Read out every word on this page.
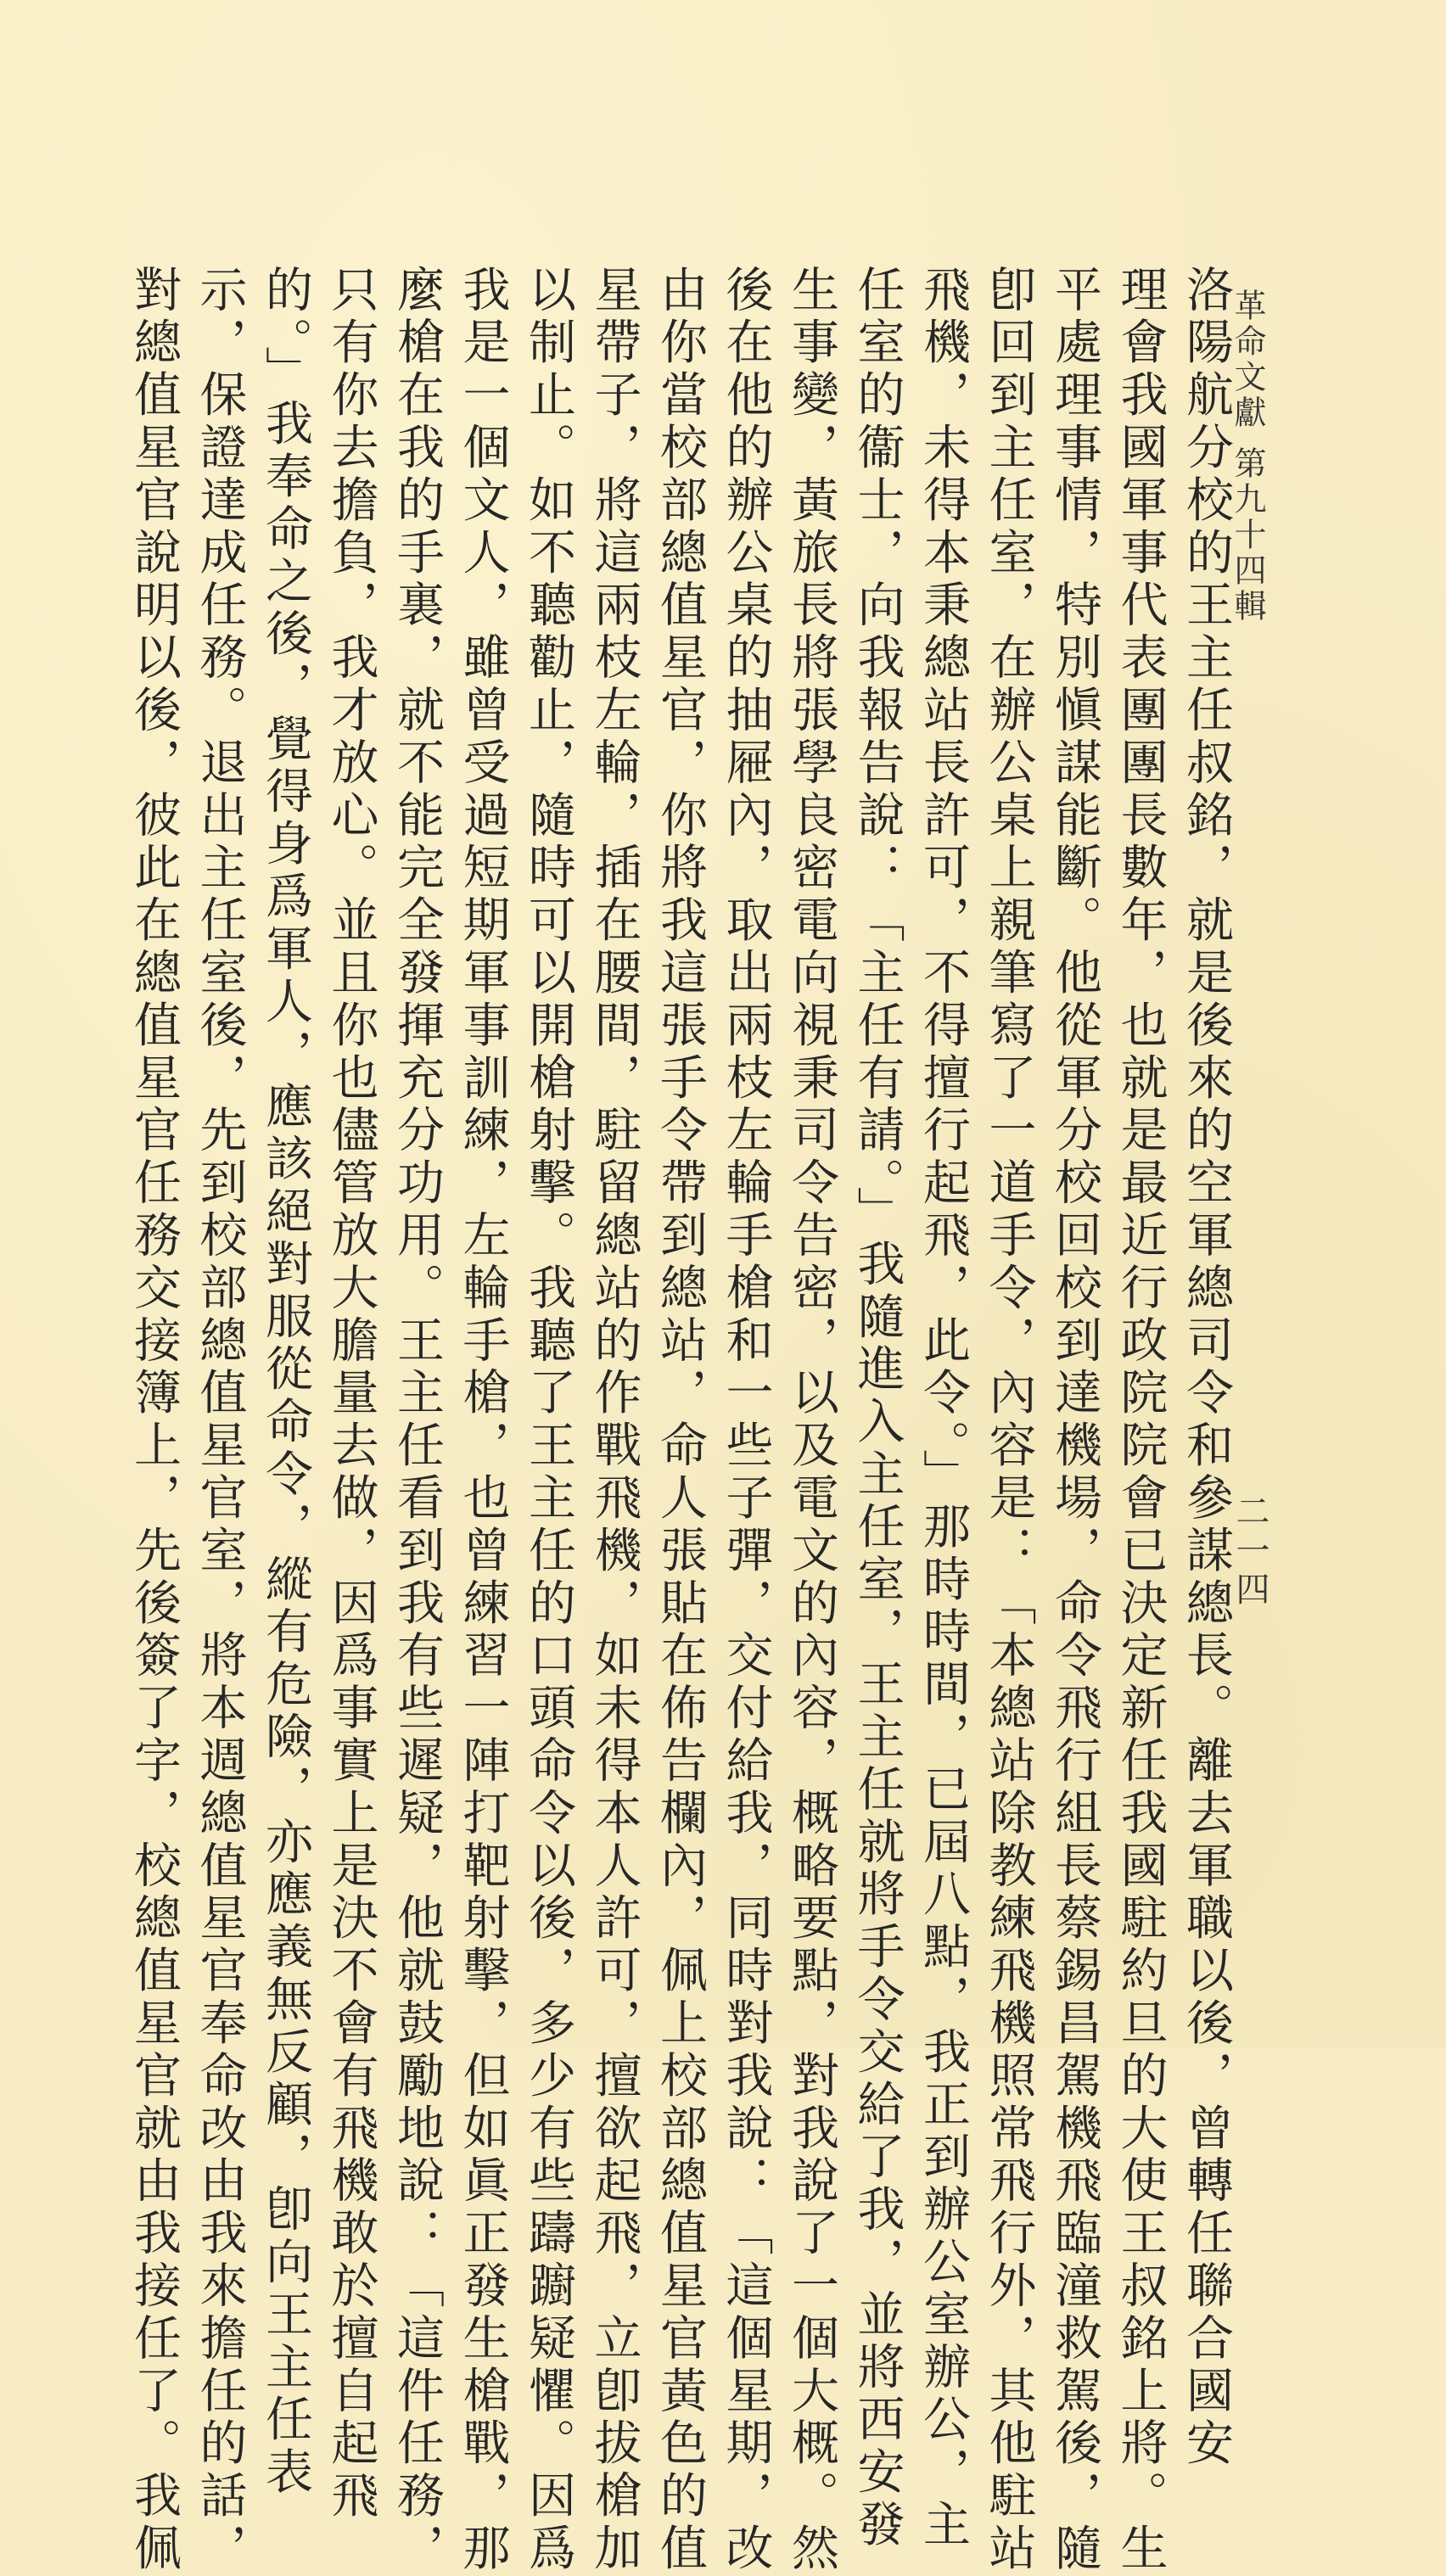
革命文獻第九十四輯
二一四
洛陽航分校的王主任叔銘，就是後來的空軍總司令和參謀總長。離去軍職以後，曾轉任聯合國安
理會我國軍事代表團團長數年，也就是最近行政院院會已決定新任我國駐約旦的大使王叔銘上將。生
平處理事情，特別愼謀能斷。他從軍分校回校到達機場，命令飛行組長蔡錫昌駕機飛臨潼救駕後，隨
卽回到主任室，在辦公桌上親筆寫了一道手令，內容是：「本總站除教練飛機照常飛行外，其他駐站
飛機，未得本秉總站長許可，不得擅行起飛，此令。」那時時間，已屆八點，我正到辦公室辦公，主
任室的衞士，向我報告說：「主任有請。」我隨進入主任室，王主任就將手令交給了我，並將西安發
生事變，黃旅長將張學良密電向視秉司令告密，以及電文的內容，概略要點，對我說了一個大概。然
後在他的辦公桌的抽屜內，取出兩枝左輪手槍和一些子彈，交付給我，同時對我說：「這個星期，改
由你當校部總值星官，你將我這張手令帶到總站，命人張貼在佈告欄內，佩上校部總值星官黃色的值
星帶子，將這兩枝左輪，插在腰間，駐留總站的作戰飛機，如未得本人許可，擅欲起飛，立卽拔槍加
以制止。如不聽勸止，隨時可以開槍射擊。我聽了王主任的口頭命令以後，多少有些躊躕疑懼。因爲
我是一個文人，雖曾受過短期軍事訓練，左輪手槍，也曾練習一陣打靶射擊，但如眞正發生槍戰，那
麼槍在我的手裏，就不能完全發揮充分功用。王主任看到我有些遲疑，他就鼓勵地說：「這件任務，
只有你去擔負，我才放心。並且你也儘管放大膽量去做，因爲事實上是決不會有飛機敢於擅自起飛
的。」我奉命之後，覺得身爲軍人，應該絕對服從命令，縱有危險，亦應義無反顧，卽向王主任表
示，保證達成任務。退出主任室後，先到校部總值星官室，將本週總值星官奉命改由我來擔任的話，
對總值星官說明以後，彼此在總值星官任務交接簿上，先後簽了字，校總值星官就由我接任了。我佩
